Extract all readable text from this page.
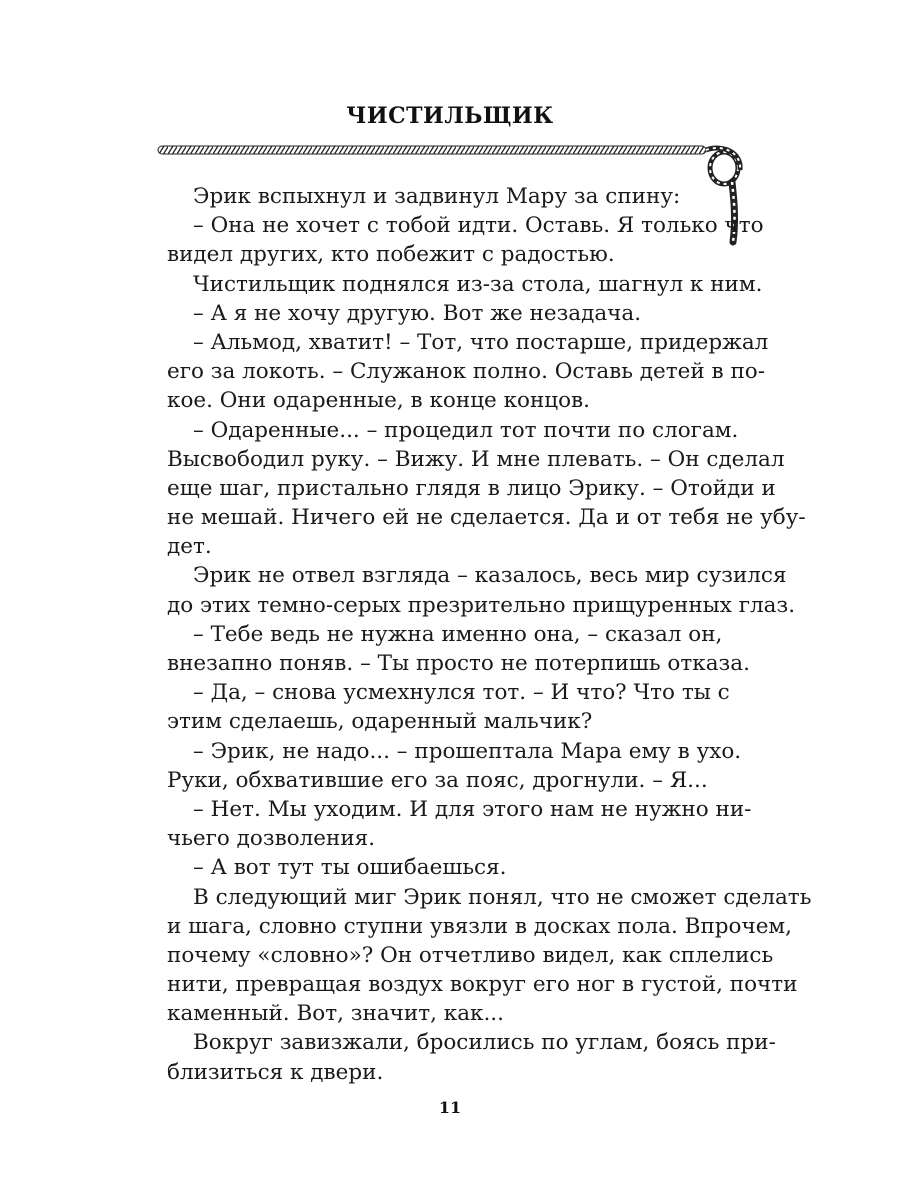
ЧИСТИЛЬЩИК
Эрик вспыхнул и задвинул Мару за спину:
– Она не хочет с тобой идти. Оставь. Я только что
видел других, кто побежит с радостью.
Чистильщик поднялся из-за стола, шагнул к ним.
– А я не хочу другую. Вот же незадача.
– Альмод, хватит! – Тот, что постарше, придержал
его за локоть. – Служанок полно. Оставь детей в по-
кое. Они одаренные, в конце концов.
– Одаренные... – процедил тот почти по слогам.
Высвободил руку. – Вижу. И мне плевать. – Он сделал
еще шаг, пристально глядя в лицо Эрику. – Отойди и
не мешай. Ничего ей не сделается. Да и от тебя не убу-
дет.
Эрик не отвел взгляда – казалось, весь мир сузился
до этих темно-серых презрительно прищуренных глаз.
– Тебе ведь не нужна именно она, – сказал он,
внезапно поняв. – Ты просто не потерпишь отказа.
– Да, – снова усмехнулся тот. – И что? Что ты с
этим сделаешь, одаренный мальчик?
– Эрик, не надо... – прошептала Мара ему в ухо.
Руки, обхватившие его за пояс, дрогнули. – Я...
– Нет. Мы уходим. И для этого нам не нужно ни-
чьего дозволения.
– А вот тут ты ошибаешься.
В следующий миг Эрик понял, что не сможет сделать
и шага, словно ступни увязли в досках пола. Впрочем,
почему «словно»? Он отчетливо видел, как сплелись
нити, превращая воздух вокруг его ног в густой, почти
каменный. Вот, значит, как...
Вокруг завизжали, бросились по углам, боясь при-
близиться к двери.
11
